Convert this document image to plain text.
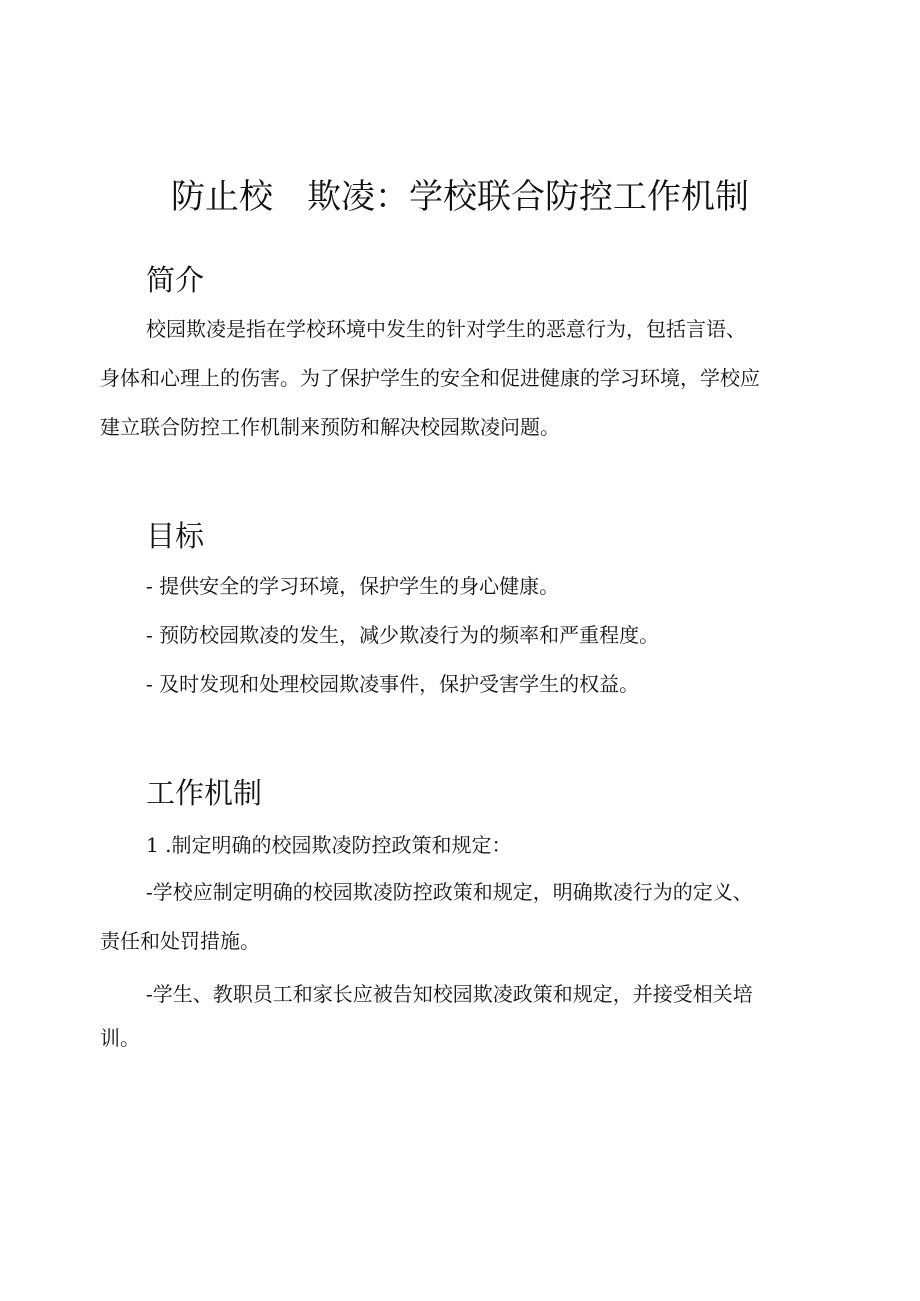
防止校 欺凌：学校联合防控工作机制
简介
校园欺凌是指在学校环境中发生的针对学生的恶意行为，包括言语、
身体和心理上的伤害。为了保护学生的安全和促进健康的学习环境，学校应
建立联合防控工作机制来预防和解决校园欺凌问题。
目标
- 提供安全的学习环境，保护学生的身心健康。
- 预防校园欺凌的发生，减少欺凌行为的频率和严重程度。
- 及时发现和处理校园欺凌事件，保护受害学生的权益。
工作机制
1 .制定明确的校园欺凌防控政策和规定：
-学校应制定明确的校园欺凌防控政策和规定，明确欺凌行为的定义、
责任和处罚措施。
-学生、教职员工和家长应被告知校园欺凌政策和规定，并接受相关培
训。
